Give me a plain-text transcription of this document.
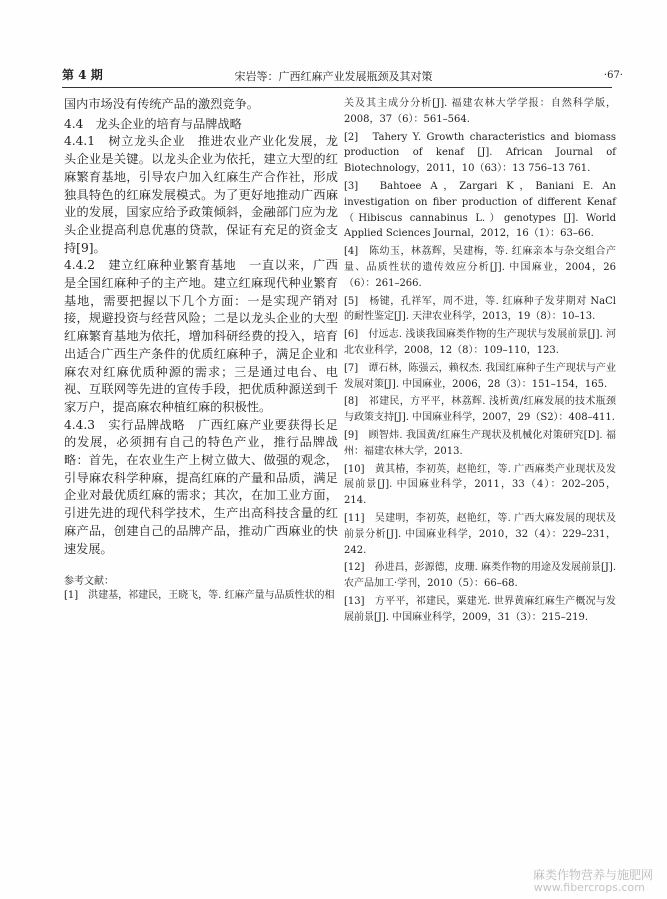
第 4 期	宋岩等：广西红麻产业发展瓶颈及其对策	·67·

国内市场没有传统产品的激烈竞争。

4.4　龙头企业的培育与品牌战略

4.4.1　树立龙头企业　推进农业产业化发展，龙头企业是关键。以龙头企业为依托，建立大型的红麻繁育基地，引导农户加入红麻生产合作社，形成独具特色的红麻发展模式。为了更好地推动广西麻业的发展，国家应给予政策倾斜，金融部门应为龙头企业提高利息优惠的贷款，保证有充足的资金支持[9]。

4.4.2　建立红麻种业繁育基地　一直以来，广西是全国红麻种子的主产地。建立红麻现代种业繁育基地，需要把握以下几个方面：一是实现产销对接，规避投资与经营风险；二是以龙头企业的大型红麻繁育基地为依托，增加科研经费的投入，培育出适合广西生产条件的优质红麻种子，满足企业和麻农对红麻优质种源的需求；三是通过电台、电视、互联网等先进的宣传手段，把优质种源送到千家万户，提高麻农种植红麻的积极性。

4.4.3　实行品牌战略　广西红麻产业要获得长足的发展，必须拥有自己的特色产业，推行品牌战略：首先，在农业生产上树立做大、做强的观念，引导麻农科学种麻，提高红麻的产量和品质，满足企业对最优质红麻的需求；其次，在加工业方面，引进先进的现代科学技术，生产出高科技含量的红麻产品，创建自己的品牌产品，推动广西麻业的快速发展。

参考文献：

[1]　洪建基，祁建民，王晓飞，等. 红麻产量与品质性状的相

关及其主成分分析[J]. 福建农林大学学报：自然科学版，2008，37（6）：561–564.

[2]　Tahery Y. Growth characteristics and biomass production of kenaf [J]. African Journal of Biotechnology，2011，10（63）：13 756–13 761.

[3]　Bahtoee A，Zargari K，Baniani E. An investigation on fiber production of different Kenaf（Hibiscus cannabinus L.）genotypes [J]. World Applied Sciences Journal，2012，16（1）：63–66.

[4]　陈幼玉，林荔辉，吴建梅，等. 红麻亲本与杂交组合产量、品质性状的遗传效应分析[J]. 中国麻业，2004，26（6）：261–266.

[5]　杨键，孔祥军，周不进，等. 红麻种子发芽期对 NaCl 的耐性鉴定[J]. 天津农业科学，2013，19（8）：10–13.

[6]　付远志. 浅谈我国麻类作物的生产现状与发展前景[J]. 河北农业科学，2008，12（8）：109–110，123.

[7]　谭石林，陈强云，赖权杰. 我国红麻种子生产现状与产业发展对策[J]. 中国麻业，2006，28（3）：151–154，165.

[8]　祁建民，方平平，林荔辉. 浅析黄/红麻发展的技术瓶颈与政策支持[J]. 中国麻业科学，2007，29（S2）：408–411.

[9]　顾智炜. 我国黄/红麻生产现状及机械化对策研究[D]. 福州：福建农林大学，2013.

[10]　黄其椿，李初英，赵艳红，等. 广西麻类产业现状及发展前景[J]. 中国麻业科学，2011，33（4）：202–205，214.

[11]　吴建明，李初英，赵艳红，等. 广西大麻发展的现状及前景分析[J]. 中国麻业科学，2010，32（4）：229–231，242.

[12]　孙进昌，彭源德，皮珊. 麻类作物的用途及发展前景[J]. 农产品加工·学刊，2010（5）：66–68.

[13]　方平平，祁建民，粟建光. 世界黄麻红麻生产概况与发展前景[J]. 中国麻业科学，2009，31（3）：215–219.

麻类作物营养与施肥网
www.fibercrops.com
